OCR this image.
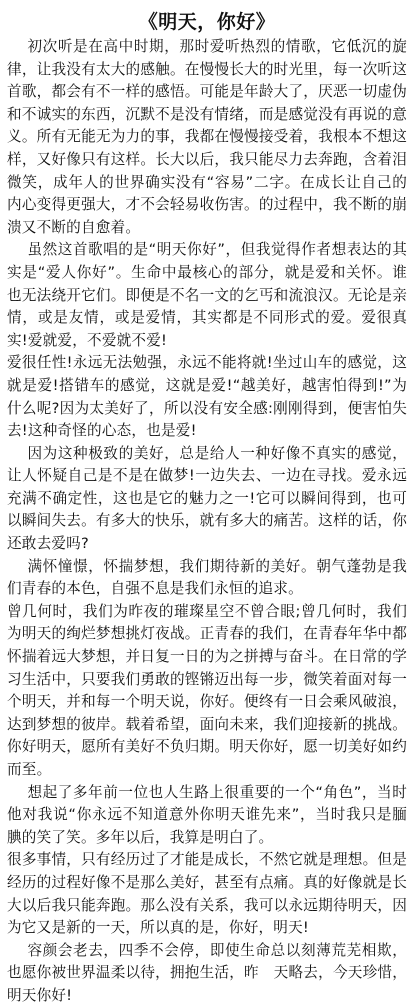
《明天，你好》

初次听是在高中时期，那时爱听热烈的情歌，它低沉的旋律，让我没有太大的感触。在慢慢长大的时光里，每一次听这首歌，都会有不一样的感悟。可能是年龄大了，厌恶一切虚伪和不诚实的东西，沉默不是没有情绪，而是感觉没有再说的意义。所有无能无为力的事，我都在慢慢接受着，我根本不想这样，又好像只有这样。长大以后，我只能尽力去奔跑，含着泪微笑，成年人的世界确实没有“容易”二字。在成长让自己的内心变得更强大，才不会轻易收伤害。的过程中，我不断的崩溃又不断的自愈着。

虽然这首歌唱的是“明天你好”，但我觉得作者想表达的其实是“爱人你好”。生命中最核心的部分，就是爱和关怀。谁也无法绕开它们。即便是不名一文的乞丐和流浪汉。无论是亲情，或是友情，或是爱情，其实都是不同形式的爱。爱很真实!爱就爱，不爱就不爱!

爱很任性!永远无法勉强，永远不能将就!坐过山车的感觉，这就是爱!搭错车的感觉，这就是爱!“越美好，越害怕得到!”为什么呢?因为太美好了，所以没有安全感:刚刚得到，便害怕失去!这种奇怪的心态，也是爱!

因为这种极致的美好，总是给人一种好像不真实的感觉，让人怀疑自己是不是在做梦!一边失去、一边在寻找。爱永远充满不确定性，这也是它的魅力之一!它可以瞬间得到，也可以瞬间失去。有多大的快乐，就有多大的痛苦。这样的话，你还敢去爱吗?

满怀憧憬，怀揣梦想，我们期待新的美好。朝气蓬勃是我们青春的本色，自强不息是我们永恒的追求。

曾几何时，我们为昨夜的璀璨星空不曾合眼;曾几何时，我们为明天的绚烂梦想挑灯夜战。正青春的我们，在青春年华中都怀揣着远大梦想，并日复一日的为之拼搏与奋斗。在日常的学习生活中，只要我们勇敢的铿锵迈出每一步，微笑着面对每一个明天，并和每一个明天说，你好。便终有一日会乘风破浪，达到梦想的彼岸。载着希望，面向未来，我们迎接新的挑战。你好明天，愿所有美好不负归期。明天你好，愿一切美好如约而至。

想起了多年前一位也人生路上很重要的一个“角色”，当时他对我说“你永远不知道意外你明天谁先来”，当时我只是腼腆的笑了笑。多年以后，我算是明白了。

很多事情，只有经历过了才能是成长，不然它就是理想。但是经历的过程好像不是那么美好，甚至有点痛。真的好像就是长大以后我只能奔跑。那么没有关系，我可以永远期待明天，因为它又是新的一天，所以真的是，你好，明天!

容颜会老去，四季不会停，即使生命总以刻薄荒芜相欺，也愿你被世界温柔以待，拥抱生活，昨　天略去，今天珍惜，明天你好!
